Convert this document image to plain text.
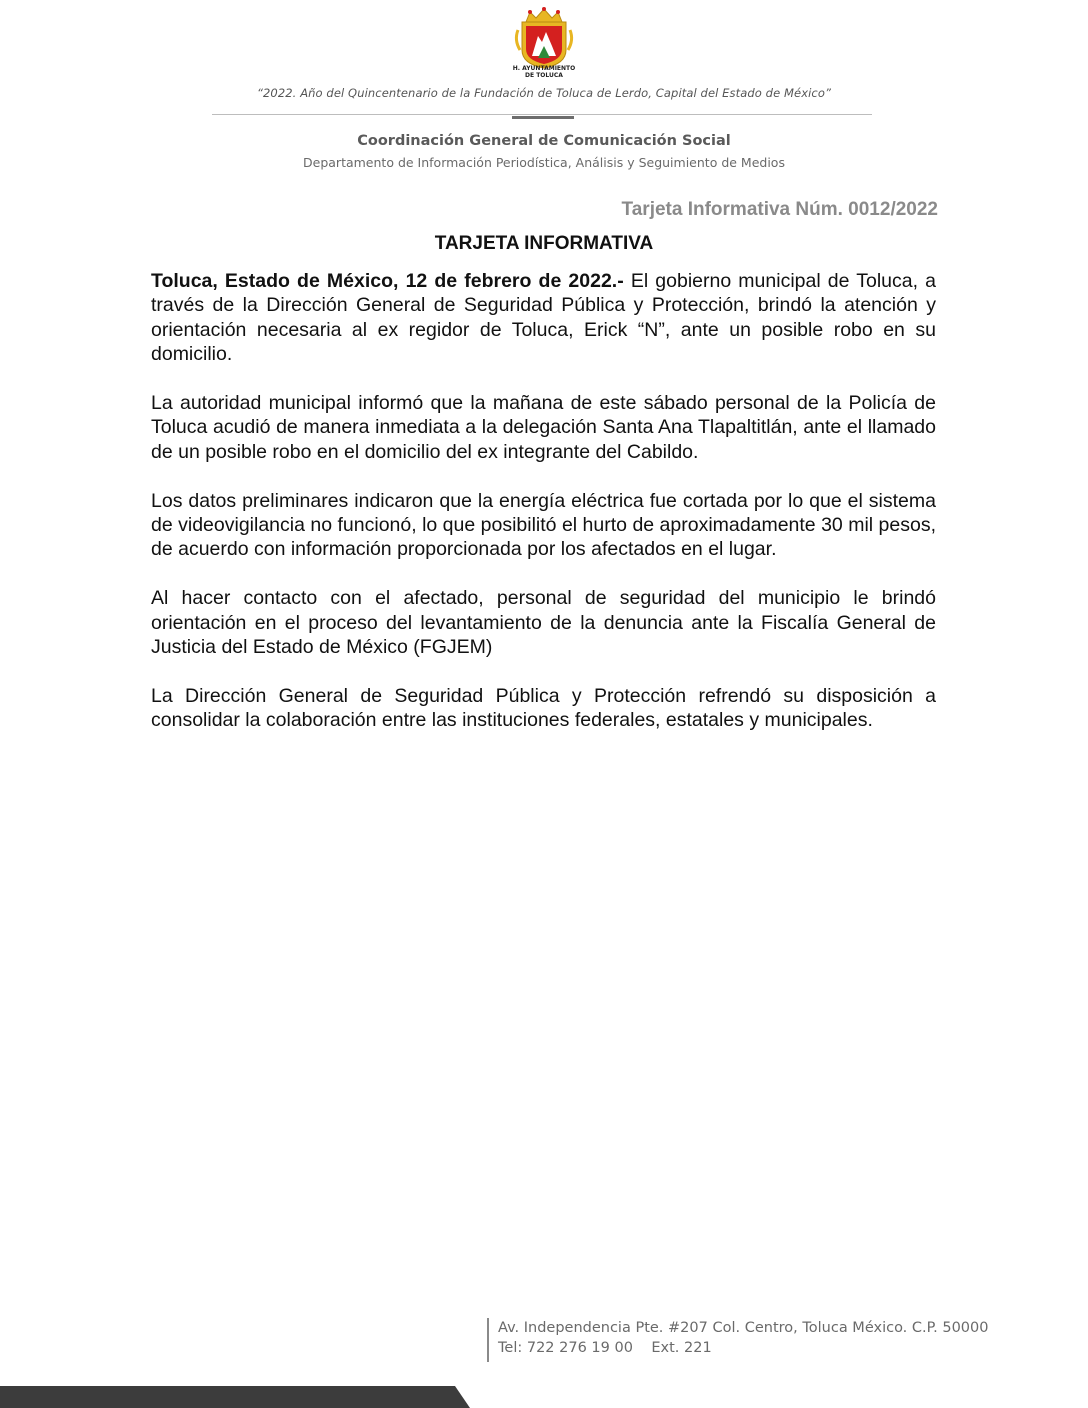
H. AYUNTAMIENTO
DE TOLUCA
“2022. Año del Quincentenario de la Fundación de Toluca de Lerdo, Capital del Estado de México”
Coordinación General de Comunicación Social
Departamento de Información Periodística, Análisis y Seguimiento de Medios
Tarjeta Informativa Núm. 0012/2022
TARJETA INFORMATIVA

Toluca, Estado de México, 12 de febrero de 2022.- El gobierno municipal de Toluca, a través de la Dirección General de Seguridad Pública y Protección, brindó la atención y orientación necesaria al ex regidor de Toluca, Erick “N”, ante un posible robo en su domicilio.

La autoridad municipal informó que la mañana de este sábado personal de la Policía de Toluca acudió de manera inmediata a la delegación Santa Ana Tlapaltitlán, ante el llamado de un posible robo en el domicilio del ex integrante del Cabildo.

Los datos preliminares indicaron que la energía eléctrica fue cortada por lo que el sistema de videovigilancia no funcionó, lo que posibilitó el hurto de aproximadamente 30 mil pesos, de acuerdo con información proporcionada por los afectados en el lugar.

Al hacer contacto con el afectado, personal de seguridad del municipio le brindó orientación en el proceso del levantamiento de la denuncia ante la Fiscalía General de Justicia del Estado de México (FGJEM)

La Dirección General de Seguridad Pública y Protección refrendó su disposición a consolidar la colaboración entre las instituciones federales, estatales y municipales.

Av. Independencia Pte. #207 Col. Centro, Toluca México. C.P. 50000
Tel: 722 276 19 00    Ext. 221
